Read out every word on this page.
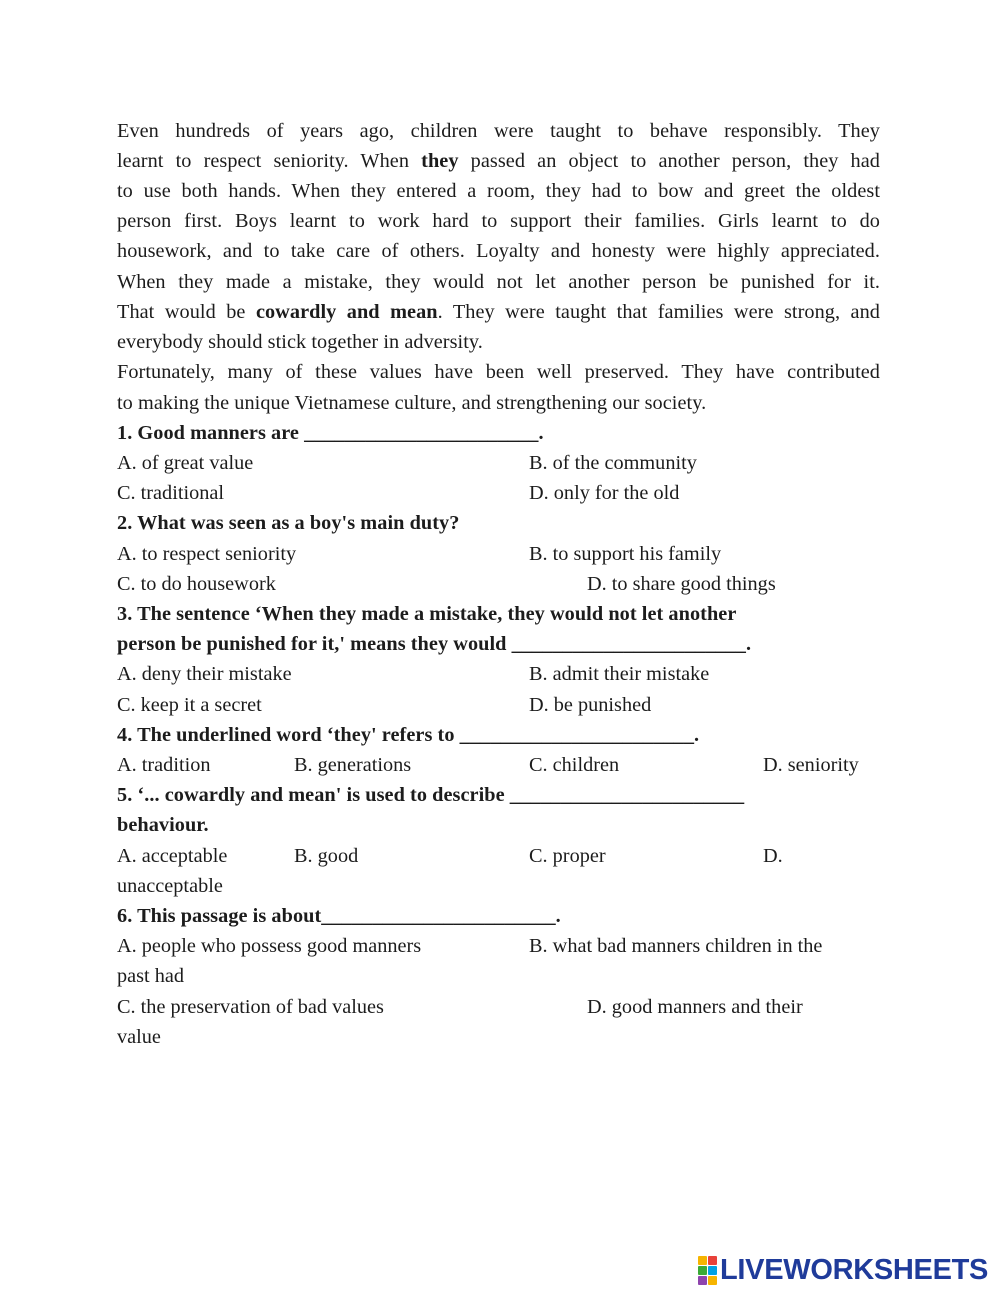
Even hundreds of years ago, children were taught to behave responsibly. They
learnt to respect seniority. When they passed an object to another person, they had
to use both hands. When they entered a room, they had to bow and greet the oldest
person first. Boys learnt to work hard to support their families. Girls learnt to do
housework, and to take care of others. Loyalty and honesty were highly appreciated.
When they made a mistake, they would not let another person be punished for it.
That would be cowardly and mean. They were taught that families were strong, and
everybody should stick together in adversity.
Fortunately, many of these values have been well preserved. They have contributed
to making the unique Vietnamese culture, and strengthening our society.
1. Good manners are _______________________.
A. of great value	B. of the community
C. traditional	D. only for the old
2. What was seen as a boy's main duty?
A. to respect seniority	B. to support his family
C. to do housework	D. to share good things
3. The sentence ‘When they made a mistake, they would not let another
person be punished for it,' means they would _______________________.
A. deny their mistake	B. admit their mistake
C. keep it a secret	D. be punished
4. The underlined word ‘they' refers to _______________________.
A. tradition	B. generations	C. children	D. seniority
5. ‘... cowardly and mean' is used to describe _______________________
behaviour.
A. acceptable	B. good	C. proper	D.
unacceptable
6. This passage is about_______________________.
A. people who possess good manners	B. what bad manners children in the
past had
C. the preservation of bad values	D. good manners and their
value
LIVEWORKSHEETS
